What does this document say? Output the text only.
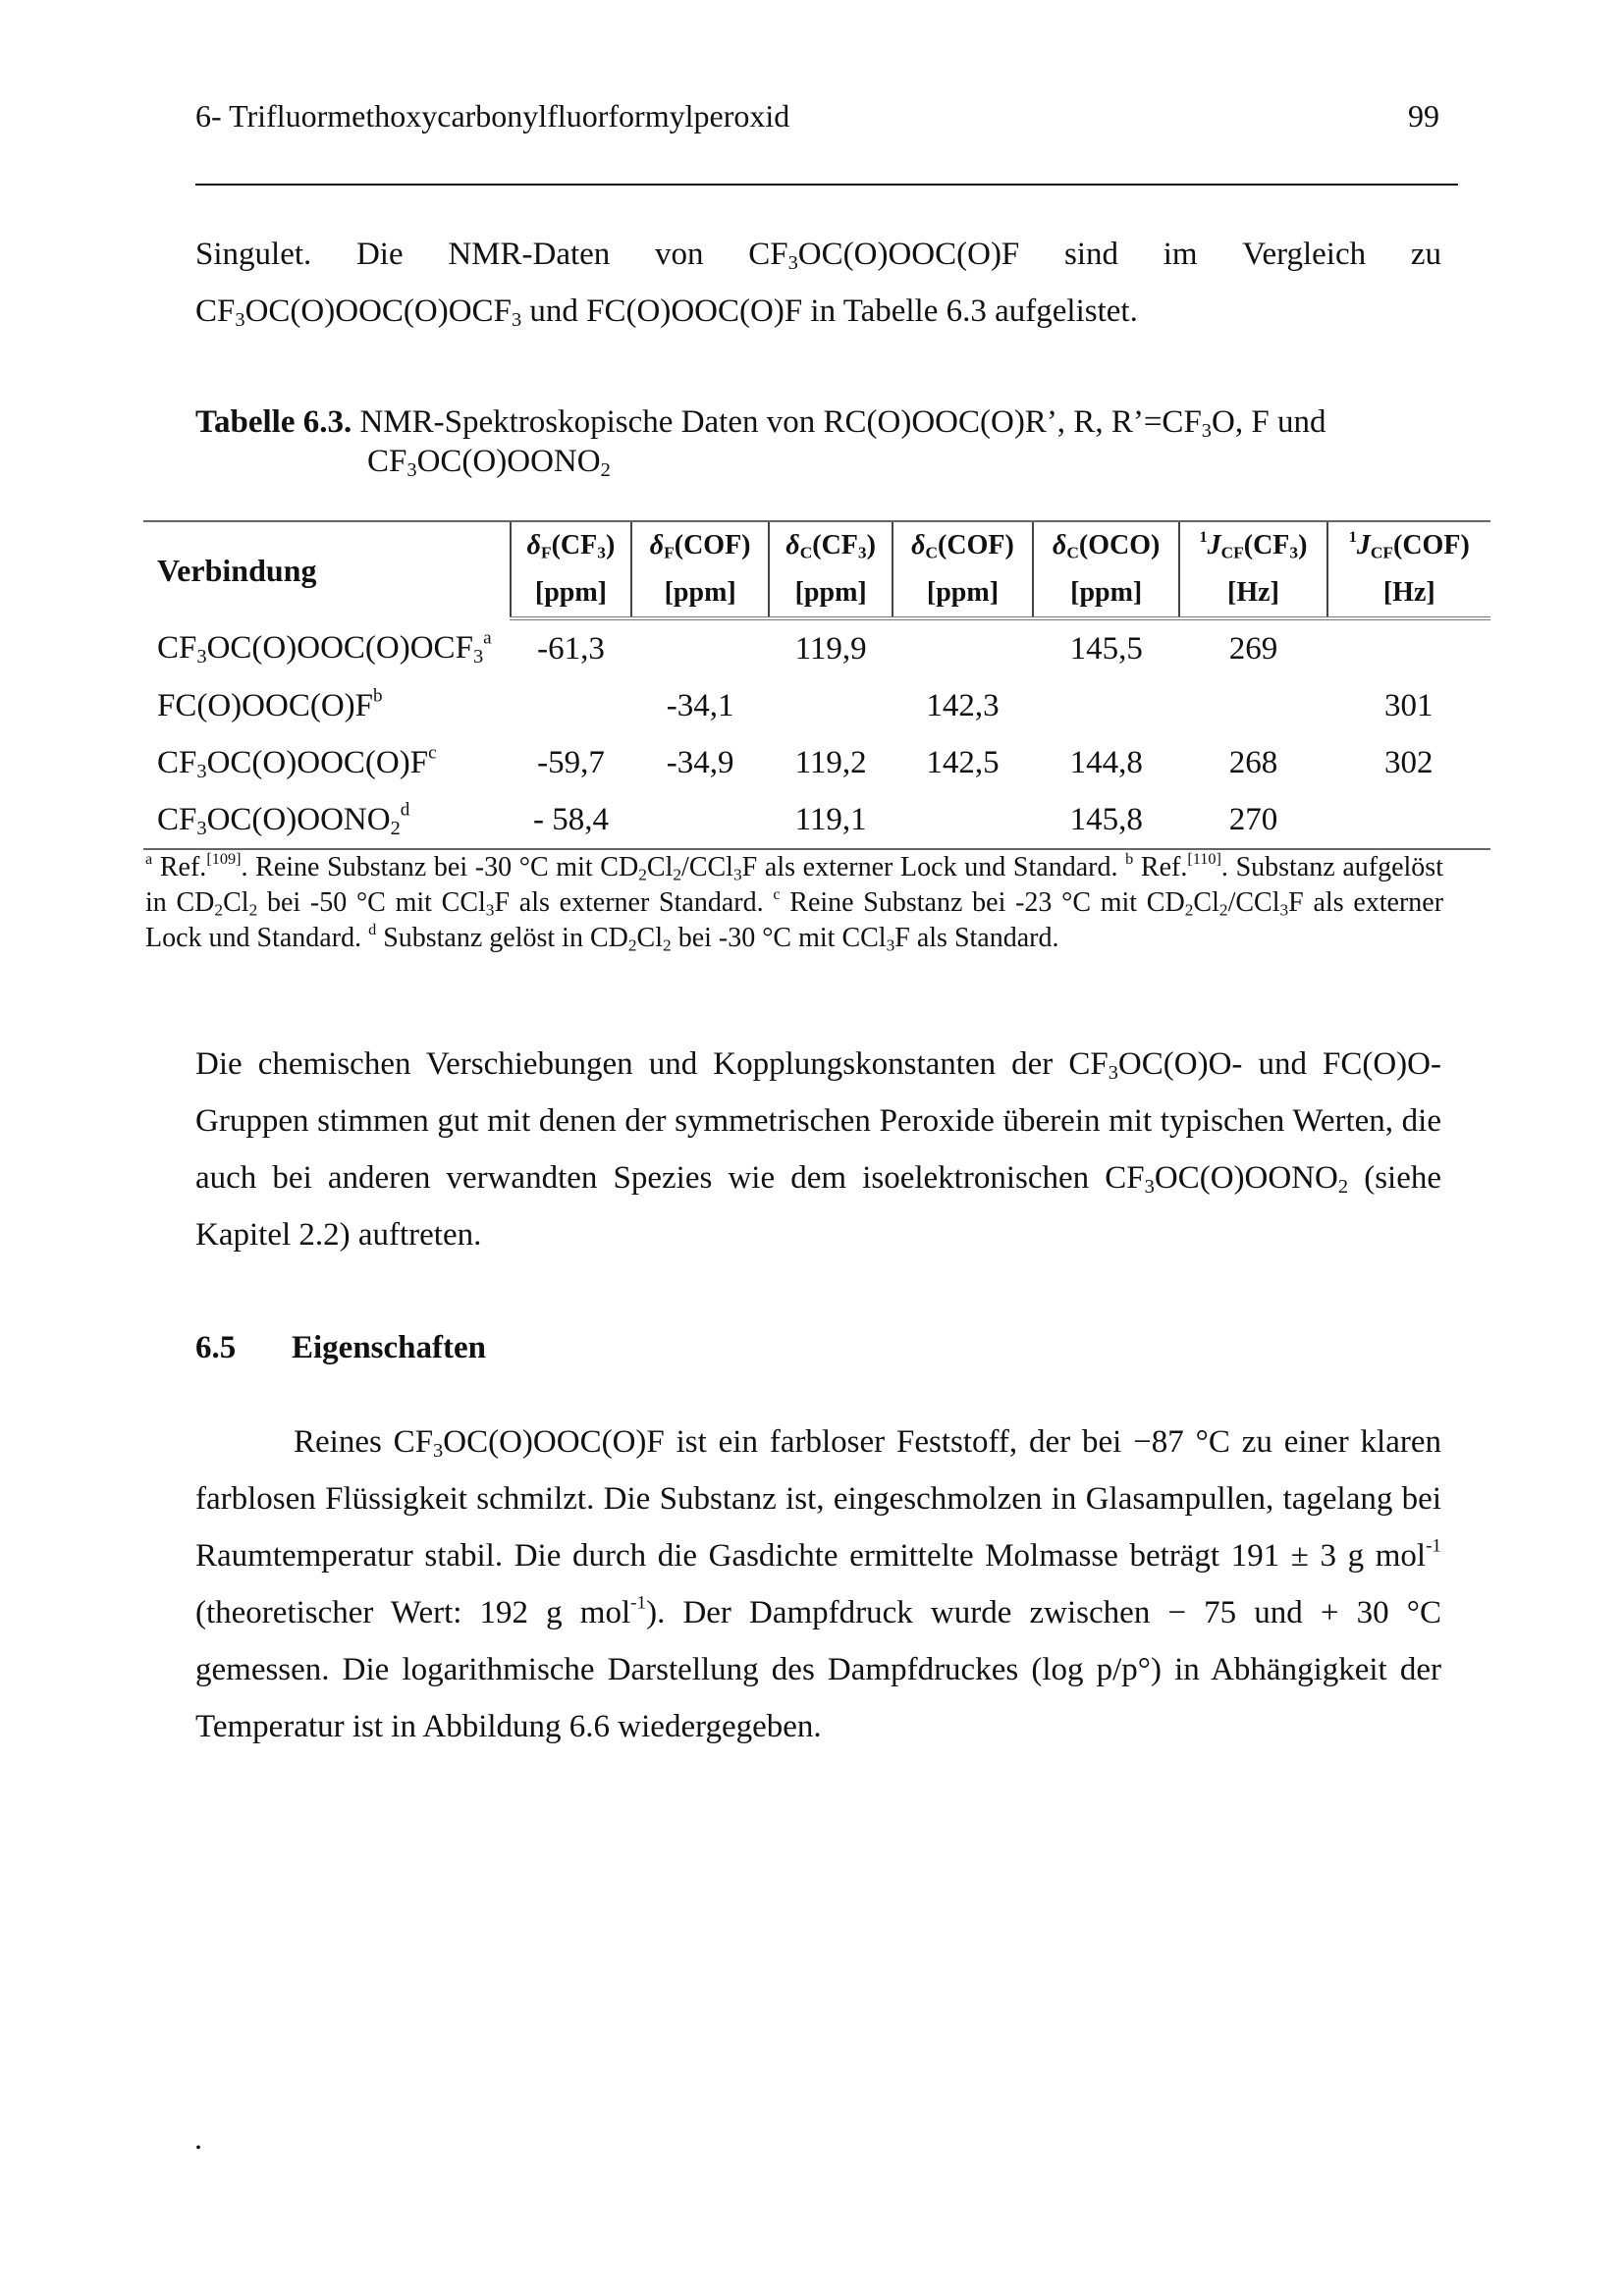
6- Trifluormethoxycarbonylfluorformylperoxid	99
Singulet. Die NMR-Daten von $CF_3OC(O)OOC(O)F$ sind im Vergleich zu
$CF_3OC(O)OOC(O)OCF_3$ und FC(O)OOC(O)F in Tabelle 6.3 aufgelistet.
Tabelle 6.3. NMR-Spektroskopische Daten von RC(O)OOC(O)R’, R, $R’=CF_3O$, F und
$CF_3OC(O)OONO_2$
Verbindung	$\delta_F(CF_3)$	$\delta_F(COF)$	$\delta_C(CF_3)$	$\delta_C(COF)$	$\delta_C(OCO)$	$^1J_{CF}(CF_3)$	$^1J_{CF}(COF)$
	[ppm]	[ppm]	[ppm]	[ppm]	[ppm]	[Hz]	[Hz]
$CF_3OC(O)OOC(O)OCF_3^a$	-61,3		119,9		145,5	269	
$FC(O)OOC(O)F^b$		-34,1		142,3			301
$CF_3OC(O)OOC(O)F^c$	-59,7	-34,9	119,2	142,5	144,8	268	302
$CF_3OC(O)OONO_2^d$	- 58,4		119,1		145,8	270	
$^a$ Ref.[109]. Reine Substanz bei -30 °C mit $CD_2Cl_2/CCl_3F$ als externer Lock und Standard. $^b$ Ref.[110]. Substanz aufgelöst in $CD_2Cl_2$ bei -50 °C mit CCl$_3$F als externer Standard. $^c$ Reine Substanz bei -23 °C mit $CD_2Cl_2/CCl_3F$ als externer Lock und Standard. $^d$ Substanz gelöst in $CD_2Cl_2$ bei -30 °C mit CCl$_3$F als Standard.
Die chemischen Verschiebungen und Kopplungskonstanten der $CF_3OC(O)O-$ und FC(O)O-Gruppen stimmen gut mit denen der symmetrischen Peroxide überein mit typischen Werten, die auch bei anderen verwandten Spezies wie dem isoelektronischen $CF_3OC(O)OONO_2$ (siehe Kapitel 2.2) auftreten.
6.5 Eigenschaften
Reines $CF_3OC(O)OOC(O)F$ ist ein farbloser Feststoff, der bei −87 °C zu einer klaren farblosen Flüssigkeit schmilzt. Die Substanz ist, eingeschmolzen in Glasampullen, tagelang bei Raumtemperatur stabil. Die durch die Gasdichte ermittelte Molmasse beträgt 191 ± 3 g mol$^{-1}$ (theoretischer Wert: 192 g mol$^{-1}$). Der Dampfdruck wurde zwischen − 75 und + 30 °C gemessen. Die logarithmische Darstellung des Dampfdruckes (log p/p°) in Abhängigkeit der Temperatur ist in Abbildung 6.6 wiedergegeben.
.
